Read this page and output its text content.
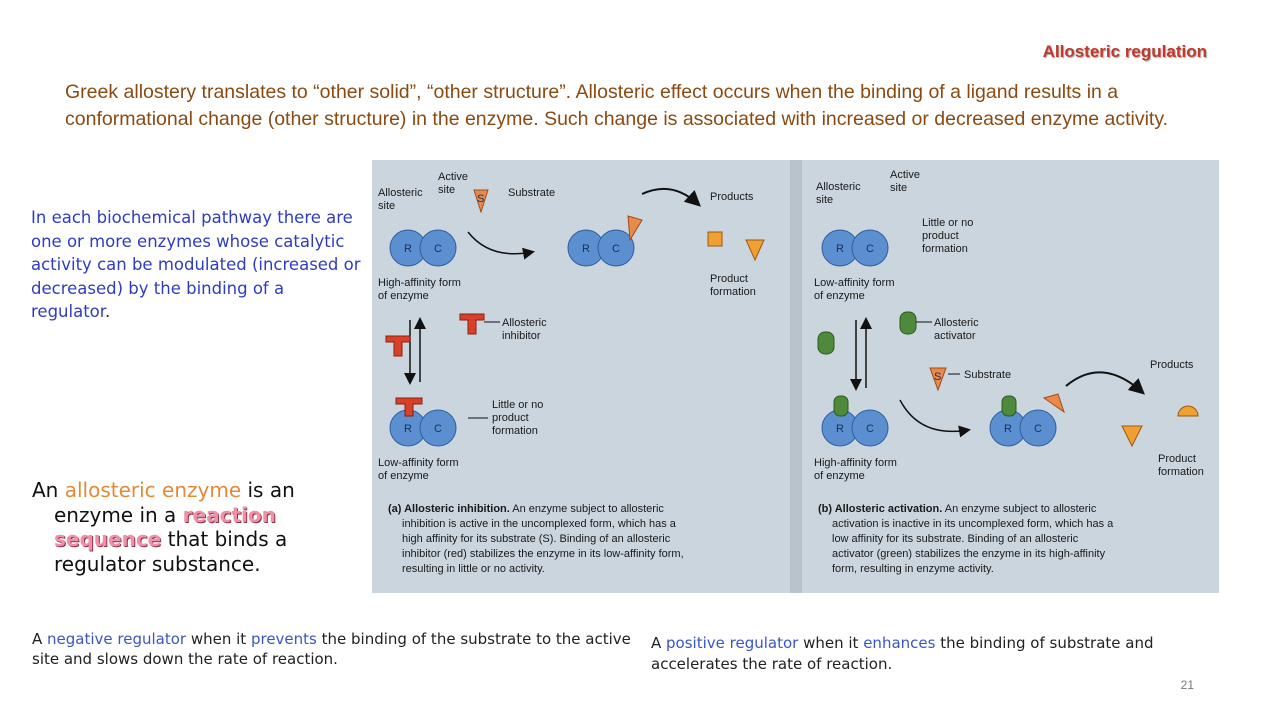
Allosteric regulation
Greek allostery translates to “other solid”, “other structure”. Allosteric effect occurs when the binding of a ligand results in a conformational change (other structure) in the enzyme. Such change is associated with increased or decreased enzyme activity.
In each biochemical pathway there are one or more enzymes whose catalytic activity can be modulated (increased or decreased) by the binding of a regulator.
An allosteric enzyme is an
enzyme in a reaction
sequence that binds a
regulator substance.
A negative regulator when it prevents the binding of the substrate to the active site and slows down the rate of reaction.
A positive regulator when it enhances the binding of substrate and accelerates the rate of reaction.
21
R C
Allosteric site
Active site
S Substrate
R C
Products
Product formation
High-affinity form of enzyme
Allosteric inhibitor
R C
Little or no product formation
Low-affinity form of enzyme
(a) Allosteric inhibition. An enzyme subject to allosteric inhibition is active in the uncomplexed form, which has a high affinity for its substrate (S). Binding of an allosteric inhibitor (red) stabilizes the enzyme in its low-affinity form, resulting in little or no activity.
Allosteric site
Active site
R C
Little or no product formation
Low-affinity form of enzyme
Allosteric activator
S Substrate
R C	R C
Products
Product formation
High-affinity form of enzyme
(b) Allosteric activation. An enzyme subject to allosteric activation is inactive in its uncomplexed form, which has a low affinity for its substrate. Binding of an allosteric activator (green) stabilizes the enzyme in its high-affinity form, resulting in enzyme activity.
